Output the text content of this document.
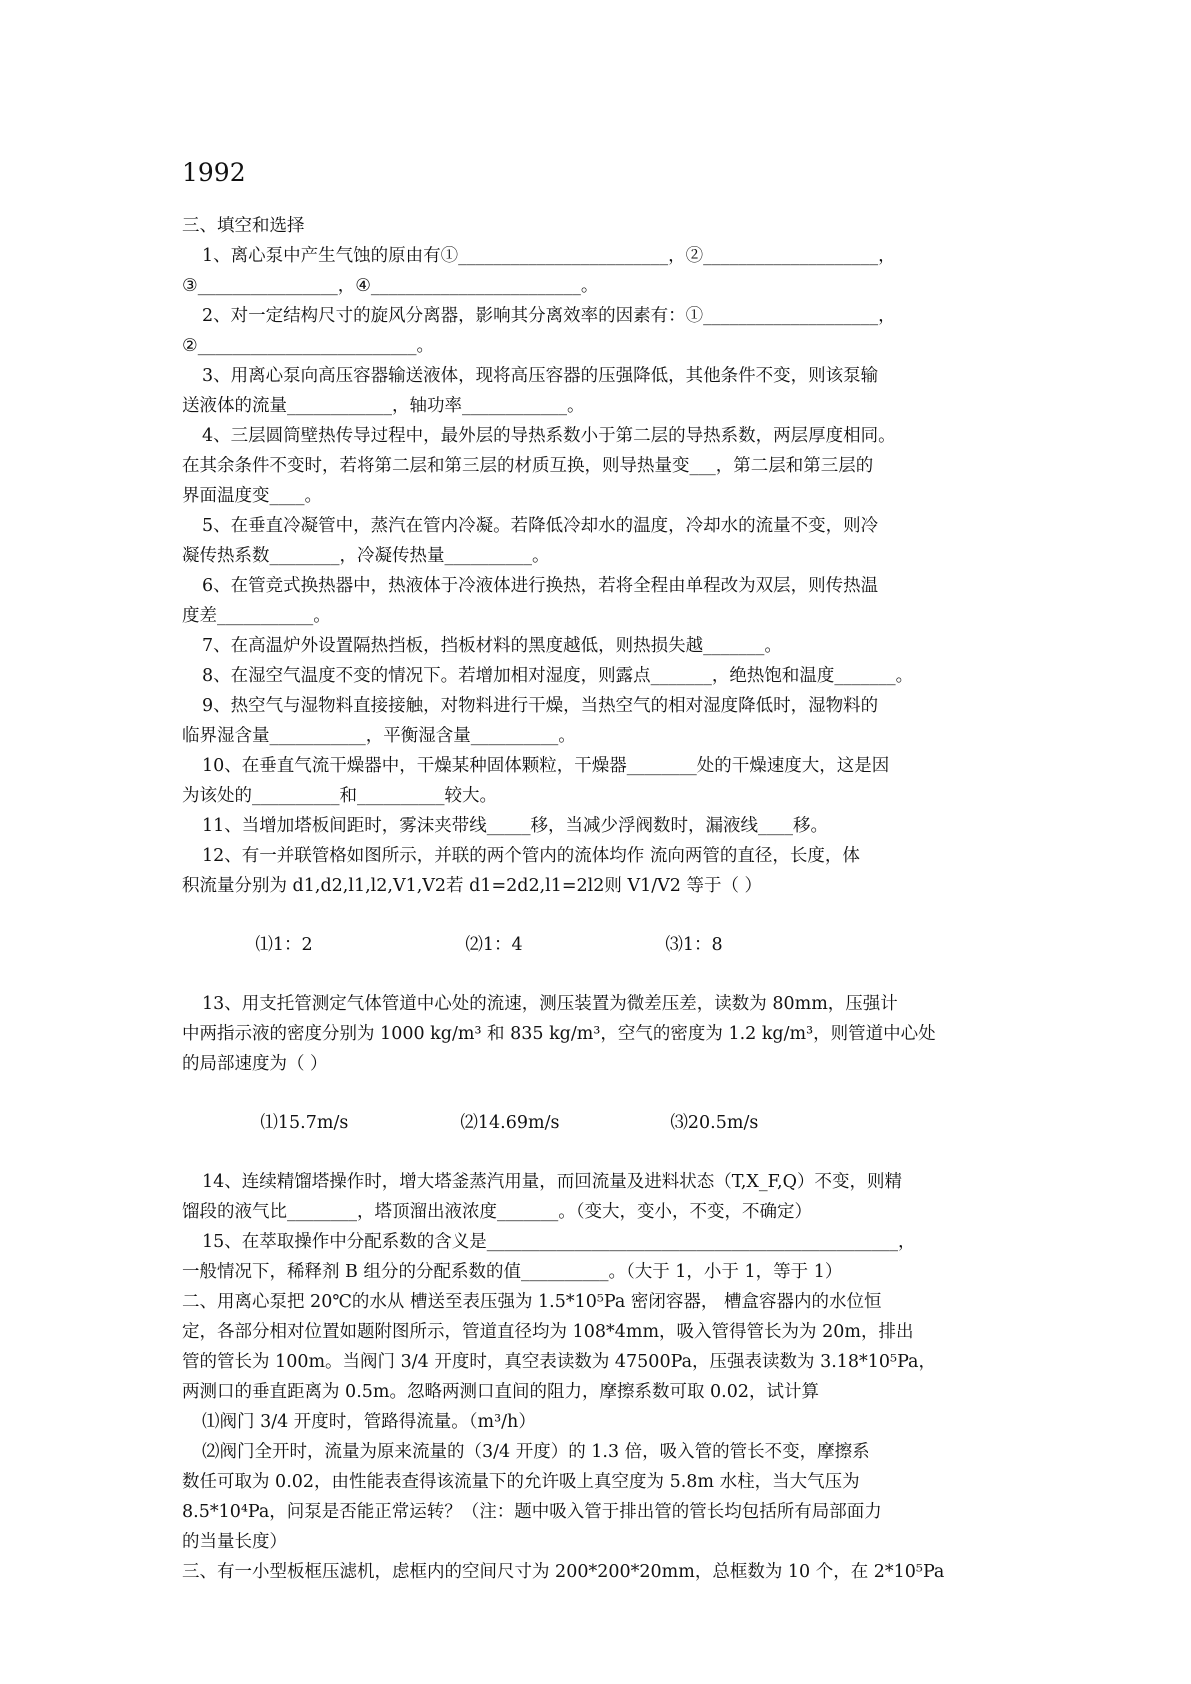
1992

三、填空和选择

1、离心泵中产生气蚀的原由有①________________________，②____________________，

③________________，④________________________。

2、对一定结构尺寸的旋风分离器，影响其分离效率的因素有：①____________________，

②_________________________。

3、用离心泵向高压容器输送液体，现将高压容器的压强降低，其他条件不变，则该泵输

送液体的流量____________，轴功率____________。

4、三层圆筒壁热传导过程中，最外层的导热系数小于第二层的导热系数，两层厚度相同。

在其余条件不变时，若将第二层和第三层的材质互换，则导热量变___，第二层和第三层的

界面温度变____。

5、在垂直冷凝管中，蒸汽在管内冷凝。若降低冷却水的温度，冷却水的流量不变，则冷

凝传热系数________，冷凝传热量__________。

6、在管竞式换热器中，热液体于冷液体进行换热，若将全程由单程改为双层，则传热温

度差___________。

7、在高温炉外设置隔热挡板，挡板材料的黑度越低，则热损失越_______。

8、在湿空气温度不变的情况下。若增加相对湿度，则露点_______，绝热饱和温度_______。

9、热空气与湿物料直接接触，对物料进行干燥，当热空气的相对湿度降低时，湿物料的

临界湿含量___________，平衡湿含量__________。

10、在垂直气流干燥器中，干燥某种固体颗粒，干燥器________处的干燥速度大，这是因

为该处的__________和__________较大。

11、当增加塔板间距时，雾沫夹带线_____移，当减少浮阀数时，漏液线____移。

12、有一并联管格如图所示，并联的两个管内的流体均作 流向两管的直径，长度，体

积流量分别为 d1,d2,l1,l2,V1,V2若 d1=2d2,l1=2l2则 V1/V2 等于（ ）

⑴1：2	⑵1：4	⑶1：8

13、用支托管测定气体管道中心处的流速，测压装置为微差压差，读数为 80mm，压强计

中两指示液的密度分别为 1000 kg/m³ 和 835 kg/m³，空气的密度为 1.2 kg/m³，则管道中心处

的局部速度为（ ）

⑴15.7m/s	⑵14.69m/s	⑶20.5m/s

14、连续精馏塔操作时，增大塔釜蒸汽用量，而回流量及进料状态（T,X_F,Q）不变，则精

馏段的液气比________，塔顶溜出液浓度_______。（变大，变小，不变，不确定）

15、在萃取操作中分配系数的含义是_______________________________________________，

一般情况下，稀释剂 B 组分的分配系数的值__________。（大于 1，小于 1，等于 1）

二、用离心泵把 20℃的水从 槽送至表压强为 1.5*10⁵Pa 密闭容器， 槽盒容器内的水位恒

定，各部分相对位置如题附图所示，管道直径均为 108*4mm，吸入管得管长为为 20m，排出

管的管长为 100m。当阀门 3/4 开度时，真空表读数为 47500Pa，压强表读数为 3.18*10⁵Pa，

两测口的垂直距离为 0.5m。忽略两测口直间的阻力，摩擦系数可取 0.02，试计算

⑴阀门 3/4 开度时，管路得流量。（m³/h）

⑵阀门全开时，流量为原来流量的（3/4 开度）的 1.3 倍，吸入管的管长不变，摩擦系

数任可取为 0.02，由性能表查得该流量下的允许吸上真空度为 5.8m 水柱，当大气压为

8.5*10⁴Pa，问泵是否能正常运转？（注：题中吸入管于排出管的管长均包括所有局部面力

的当量长度）

三、有一小型板框压滤机，虑框内的空间尺寸为 200*200*20mm，总框数为 10 个，在 2*10⁵Pa
